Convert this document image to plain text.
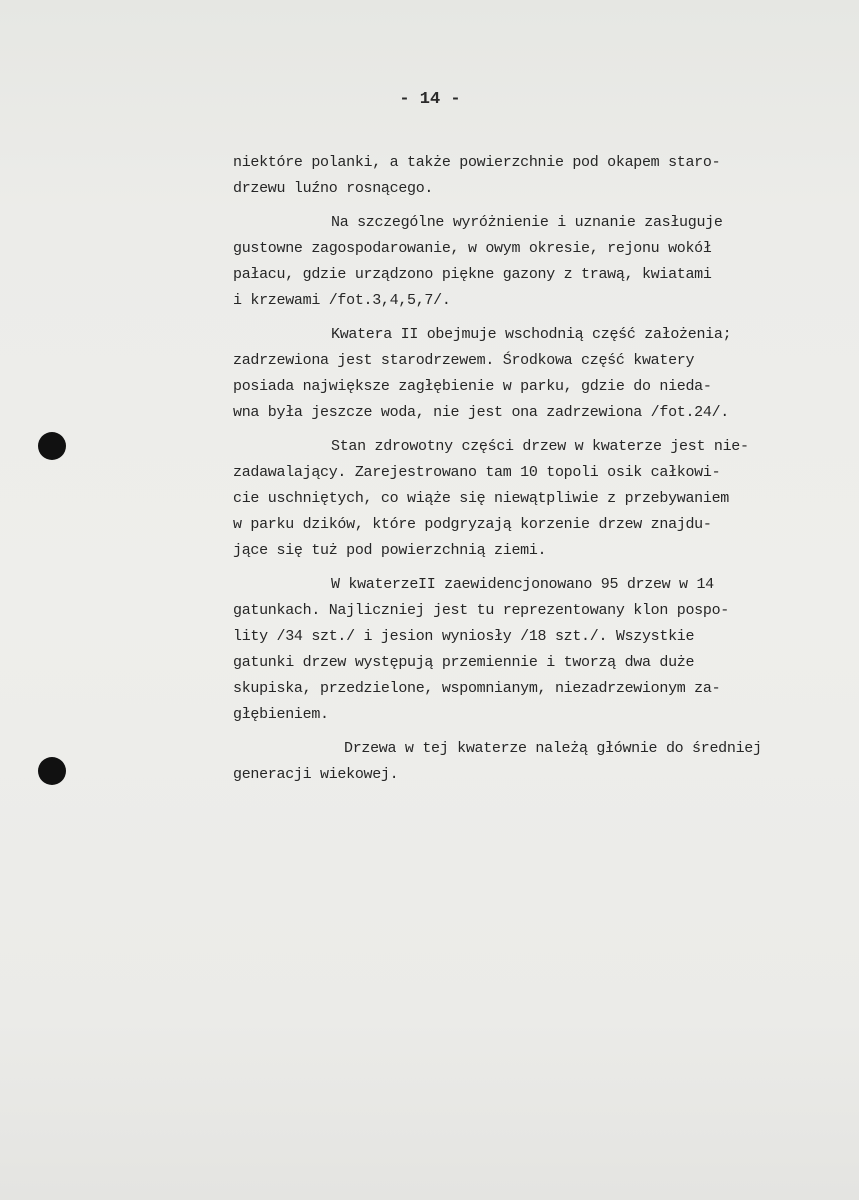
- 14 -
niektóre polanki, a także powierzchnie pod okapem staro-
drzewu luźno rosnącego.
Na szczególne wyróżnienie i uznanie zasługuje
gustowne zagospodarowanie, w owym okresie, rejonu wokół
pałacu, gdzie urządzono piękne gazony z trawą, kwiatami
i krzewami /fot.3,4,5,7/.
Kwatera II obejmuje wschodnią część założenia;
zadrzewiona jest starodrzewem. Środkowa część kwatery
posiada największe zagłębienie w parku, gdzie do nieda-
wna była jeszcze woda, nie jest ona zadrzewiona /fot.24/.
Stan zdrowotny części drzew w kwaterze jest nie-
zadawalający. Zarejestrowano tam 10 topoli osik całkowi-
cie uschniętych, co wiąże się niewątpliwie z przebywaniem
w parku dzików, które podgryzają korzenie drzew znajdu-
jące się tuż pod powierzchnią ziemi.
W kwaterzeII zaewidencjonowano 95 drzew w 14
gatunkach. Najliczniej jest tu reprezentowany klon pospo-
lity /34 szt./ i jesion wyniosły /18 szt./. Wszystkie
gatunki drzew występują przemiennie i tworzą dwa duże
skupiska, przedzielone, wspomnianym, niezadrzewionym za-
głębieniem.
Drzewa w tej kwaterze należą głównie do średniej
generacji wiekowej.
